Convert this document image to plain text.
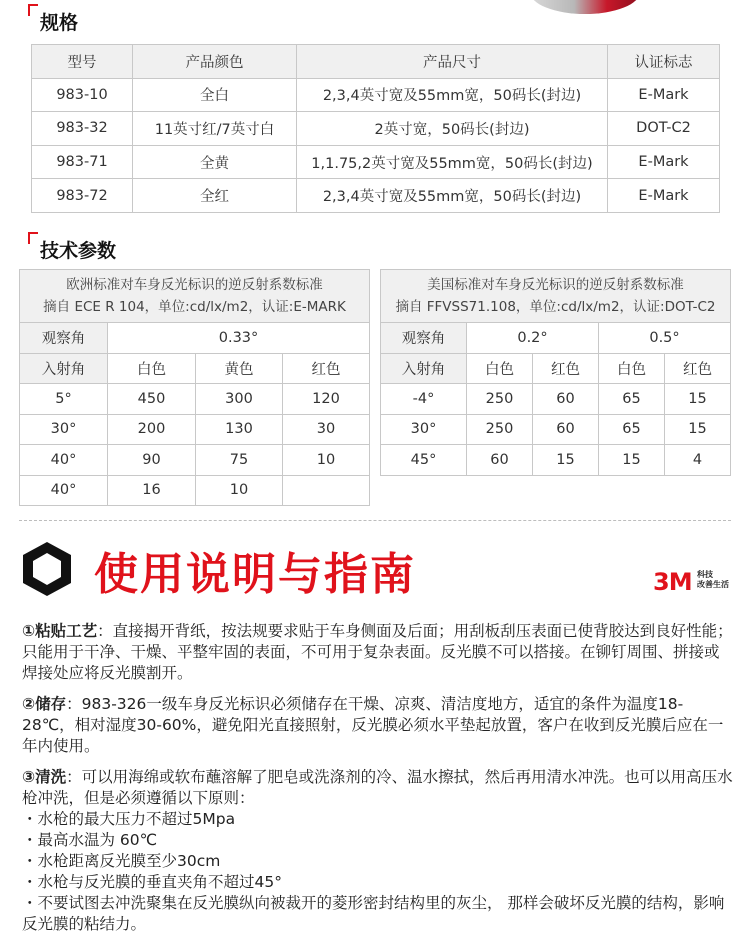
规格
型号	产品颜色	产品尺寸	认证标志
983-10	全白	2,3,4英寸宽及55mm宽，50码长(封边)	E-Mark
983-32	11英寸红/7英寸白	2英寸宽，50码长(封边)	DOT-C2
983-71	全黄	1,1.75,2英寸宽及55mm宽，50码长(封边)	E-Mark
983-72	全红	2,3,4英寸宽及55mm宽，50码长(封边)	E-Mark
技术参数
欧洲标准对车身反光标识的逆反射系数标准
摘自 ECE R 104，单位:cd/lx/m2，认证:E-MARK			

观察角	0.33°		
入射角	白色	黄色	红色
5°	450	300	120
30°	200	130	30
40°	90	75	10
40°	16	10	
美国标准对车身反光标识的逆反射系数标准
摘自 FFVSS71.108，单位:cd/lx/m2，认证:DOT-C2				

观察角	0.2°		0.5°	
入射角	白色	红色	白色	红色
-4°	250	60	65	15
30°	250	60	65	15
45°	60	15	15	4
使用说明与指南	3M 科技
改善生活
①粘贴工艺：直接揭开背纸，按法规要求贴于车身侧面及后面；用刮板刮压表面已使背胶达到良好性能；只能用于干净、干燥、平整牢固的表面，不可用于复杂表面。反光膜不可以搭接。在铆钉周围、拼接或焊接处应将反光膜割开。
②储存：983-326一级车身反光标识必须储存在干燥、凉爽、清洁度地方，适宜的条件为温度18-28℃，相对湿度30-60%，避免阳光直接照射，反光膜必须水平垫起放置，客户在收到反光膜后应在一年内使用。
③清洗：可以用海绵或软布蘸溶解了肥皂或洗涤剂的冷、温水擦拭，然后再用清水冲洗。也可以用高压水枪冲洗，但是必须遵循以下原则：
・水枪的最大压力不超过5Mpa
・最高水温为 60℃
・水枪距离反光膜至少30cm
・水枪与反光膜的垂直夹角不超过45°
・不要试图去冲洗聚集在反光膜纵向被裁开的菱形密封结构里的灰尘， 那样会破坏反光膜的结构，影响反光膜的粘结力。
